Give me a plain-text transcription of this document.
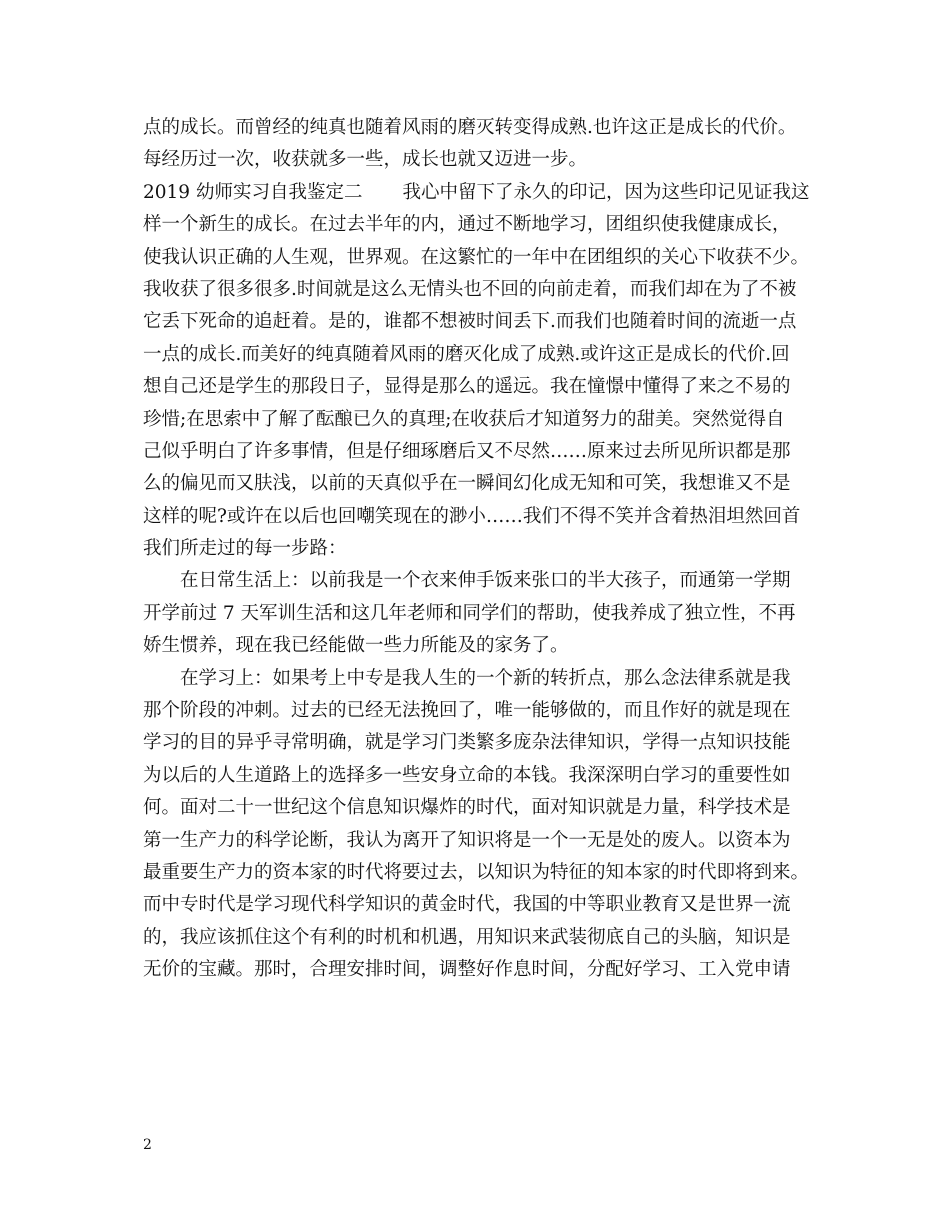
点的成长。而曾经的纯真也随着风雨的磨灭转变得成熟.也许这正是成长的代价。
每经历过一次，收获就多一些，成长也就又迈进一步。
2019 幼师实习自我鉴定二 我心中留下了永久的印记，因为这些印记见证我这
样一个新生的成长。在过去半年的内，通过不断地学习，团组织使我健康成长，
使我认识正确的人生观，世界观。在这繁忙的一年中在团组织的关心下收获不少。
我收获了很多很多.时间就是这么无情头也不回的向前走着，而我们却在为了不被
它丢下死命的追赶着。是的，谁都不想被时间丢下.而我们也随着时间的流逝一点
一点的成长.而美好的纯真随着风雨的磨灭化成了成熟.或许这正是成长的代价.回
想自己还是学生的那段日子，显得是那么的遥远。我在憧憬中懂得了来之不易的
珍惜;在思索中了解了酝酿已久的真理;在收获后才知道努力的甜美。突然觉得自
己似乎明白了许多事情，但是仔细琢磨后又不尽然……原来过去所见所识都是那
么的偏见而又肤浅，以前的天真似乎在一瞬间幻化成无知和可笑，我想谁又不是
这样的呢?或许在以后也回嘲笑现在的渺小……我们不得不笑并含着热泪坦然回首
我们所走过的每一步路：
在日常生活上：以前我是一个衣来伸手饭来张口的半大孩子，而通第一学期
开学前过 7 天军训生活和这几年老师和同学们的帮助，使我养成了独立性，不再
娇生惯养，现在我已经能做一些力所能及的家务了。
在学习上：如果考上中专是我人生的一个新的转折点，那么念法律系就是我
那个阶段的冲刺。过去的已经无法挽回了，唯一能够做的，而且作好的就是现在
学习的目的异乎寻常明确，就是学习门类繁多庞杂法律知识，学得一点知识技能
为以后的人生道路上的选择多一些安身立命的本钱。我深深明白学习的重要性如
何。面对二十一世纪这个信息知识爆炸的时代，面对知识就是力量，科学技术是
第一生产力的科学论断，我认为离开了知识将是一个一无是处的废人。以资本为
最重要生产力的资本家的时代将要过去，以知识为特征的知本家的时代即将到来。
而中专时代是学习现代科学知识的黄金时代，我国的中等职业教育又是世界一流
的，我应该抓住这个有利的时机和机遇，用知识来武装彻底自己的头脑，知识是
无价的宝藏。那时，合理安排时间，调整好作息时间，分配好学习、工入党申请
2
